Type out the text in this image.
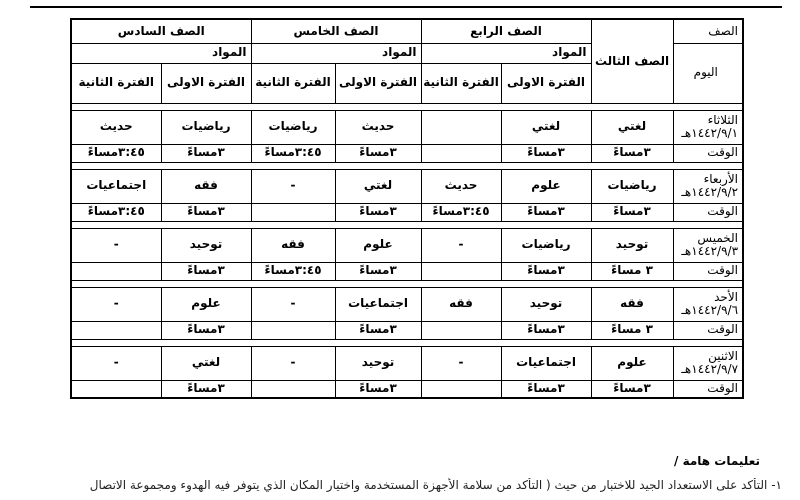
الصف	الصف الثالث	الصف الرابع		الصف الخامس		الصف السادس	
اليوم		المواد		المواد		المواد	
		الفترة الاولى	الفترة الثانية	الفترة الاولى	الفترة الثانية	الفترة الاولى	الفترة الثانية

الثلاثاء
١٤٤٢/٩/١هـ	لغتي	لغتي		حديث	رياضيات	رياضيات	حديث
الوقت	٣مساءً	٣مساءً		٣مساءً	٣:٤٥مساءً	٣مساءً	٣:٤٥مساءً

الأربعاء
١٤٤٢/٩/٢هـ	رياضيات	علوم	حديث	لغتي	-	فقه	اجتماعيات
الوقت	٣مساءً	٣مساءً	٣:٤٥مساءً	٣مساءً		٣مساءً	٣:٤٥مساءً

الخميس
١٤٤٢/٩/٣هـ	توحيد	رياضيات	-	علوم	فقه	توحيد	-
الوقت	٣ مساءً	٣مساءً		٣مساءً	٣:٤٥مساءً	٣مساءً	

الأحد
١٤٤٢/٩/٦هـ	فقه	توحيد	فقه	اجتماعيات	-	علوم	-
الوقت	٣ مساءً	٣مساءً		٣مساءً		٣مساءً	

الاثنين
١٤٤٢/٩/٧هـ	علوم	اجتماعيات	-	توحيد	-	لغتي	-
الوقت	٣مساءً	٣مساءً		٣مساءً		٣مساءً	
تعليمات هامة /
١- التأكد على الاستعداد الجيد للاختبار من حيث ( التأكد من سلامة الأجهزة المستخدمة واختيار المكان الذي يتوفر فيه الهدوء ومجموعة الاتصال
